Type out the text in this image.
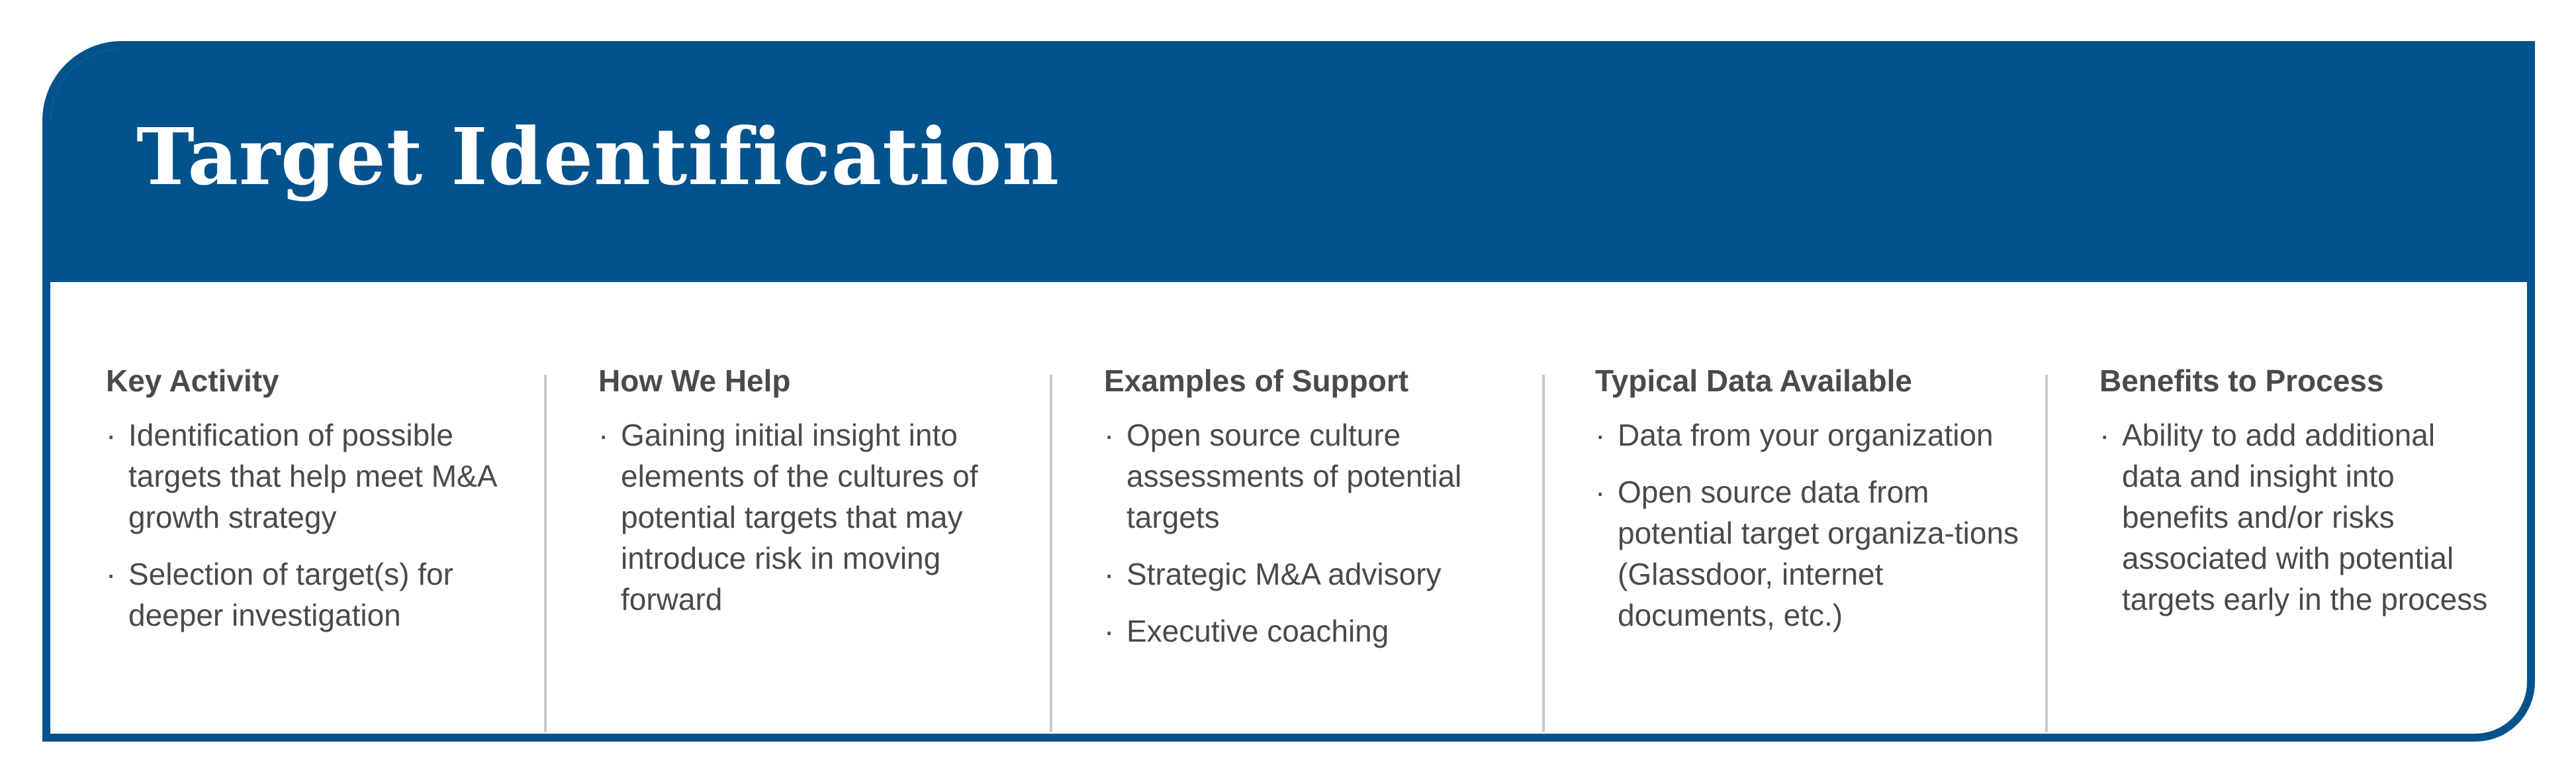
Target Identification
Key Activity
· Identification of possible targets that help meet M&A growth strategy
· Selection of target(s) for deeper investigation
How We Help
· Gaining initial insight into elements of the cultures of potential targets that may introduce risk in moving forward
Examples of Support
· Open source culture assessments of potential targets
· Strategic M&A advisory
· Executive coaching
Typical Data Available
· Data from your organization
· Open source data from potential target organiza-tions (Glassdoor, internet documents, etc.)
Benefits to Process
· Ability to add additional data and insight into benefits and/or risks associated with potential targets early in the process
